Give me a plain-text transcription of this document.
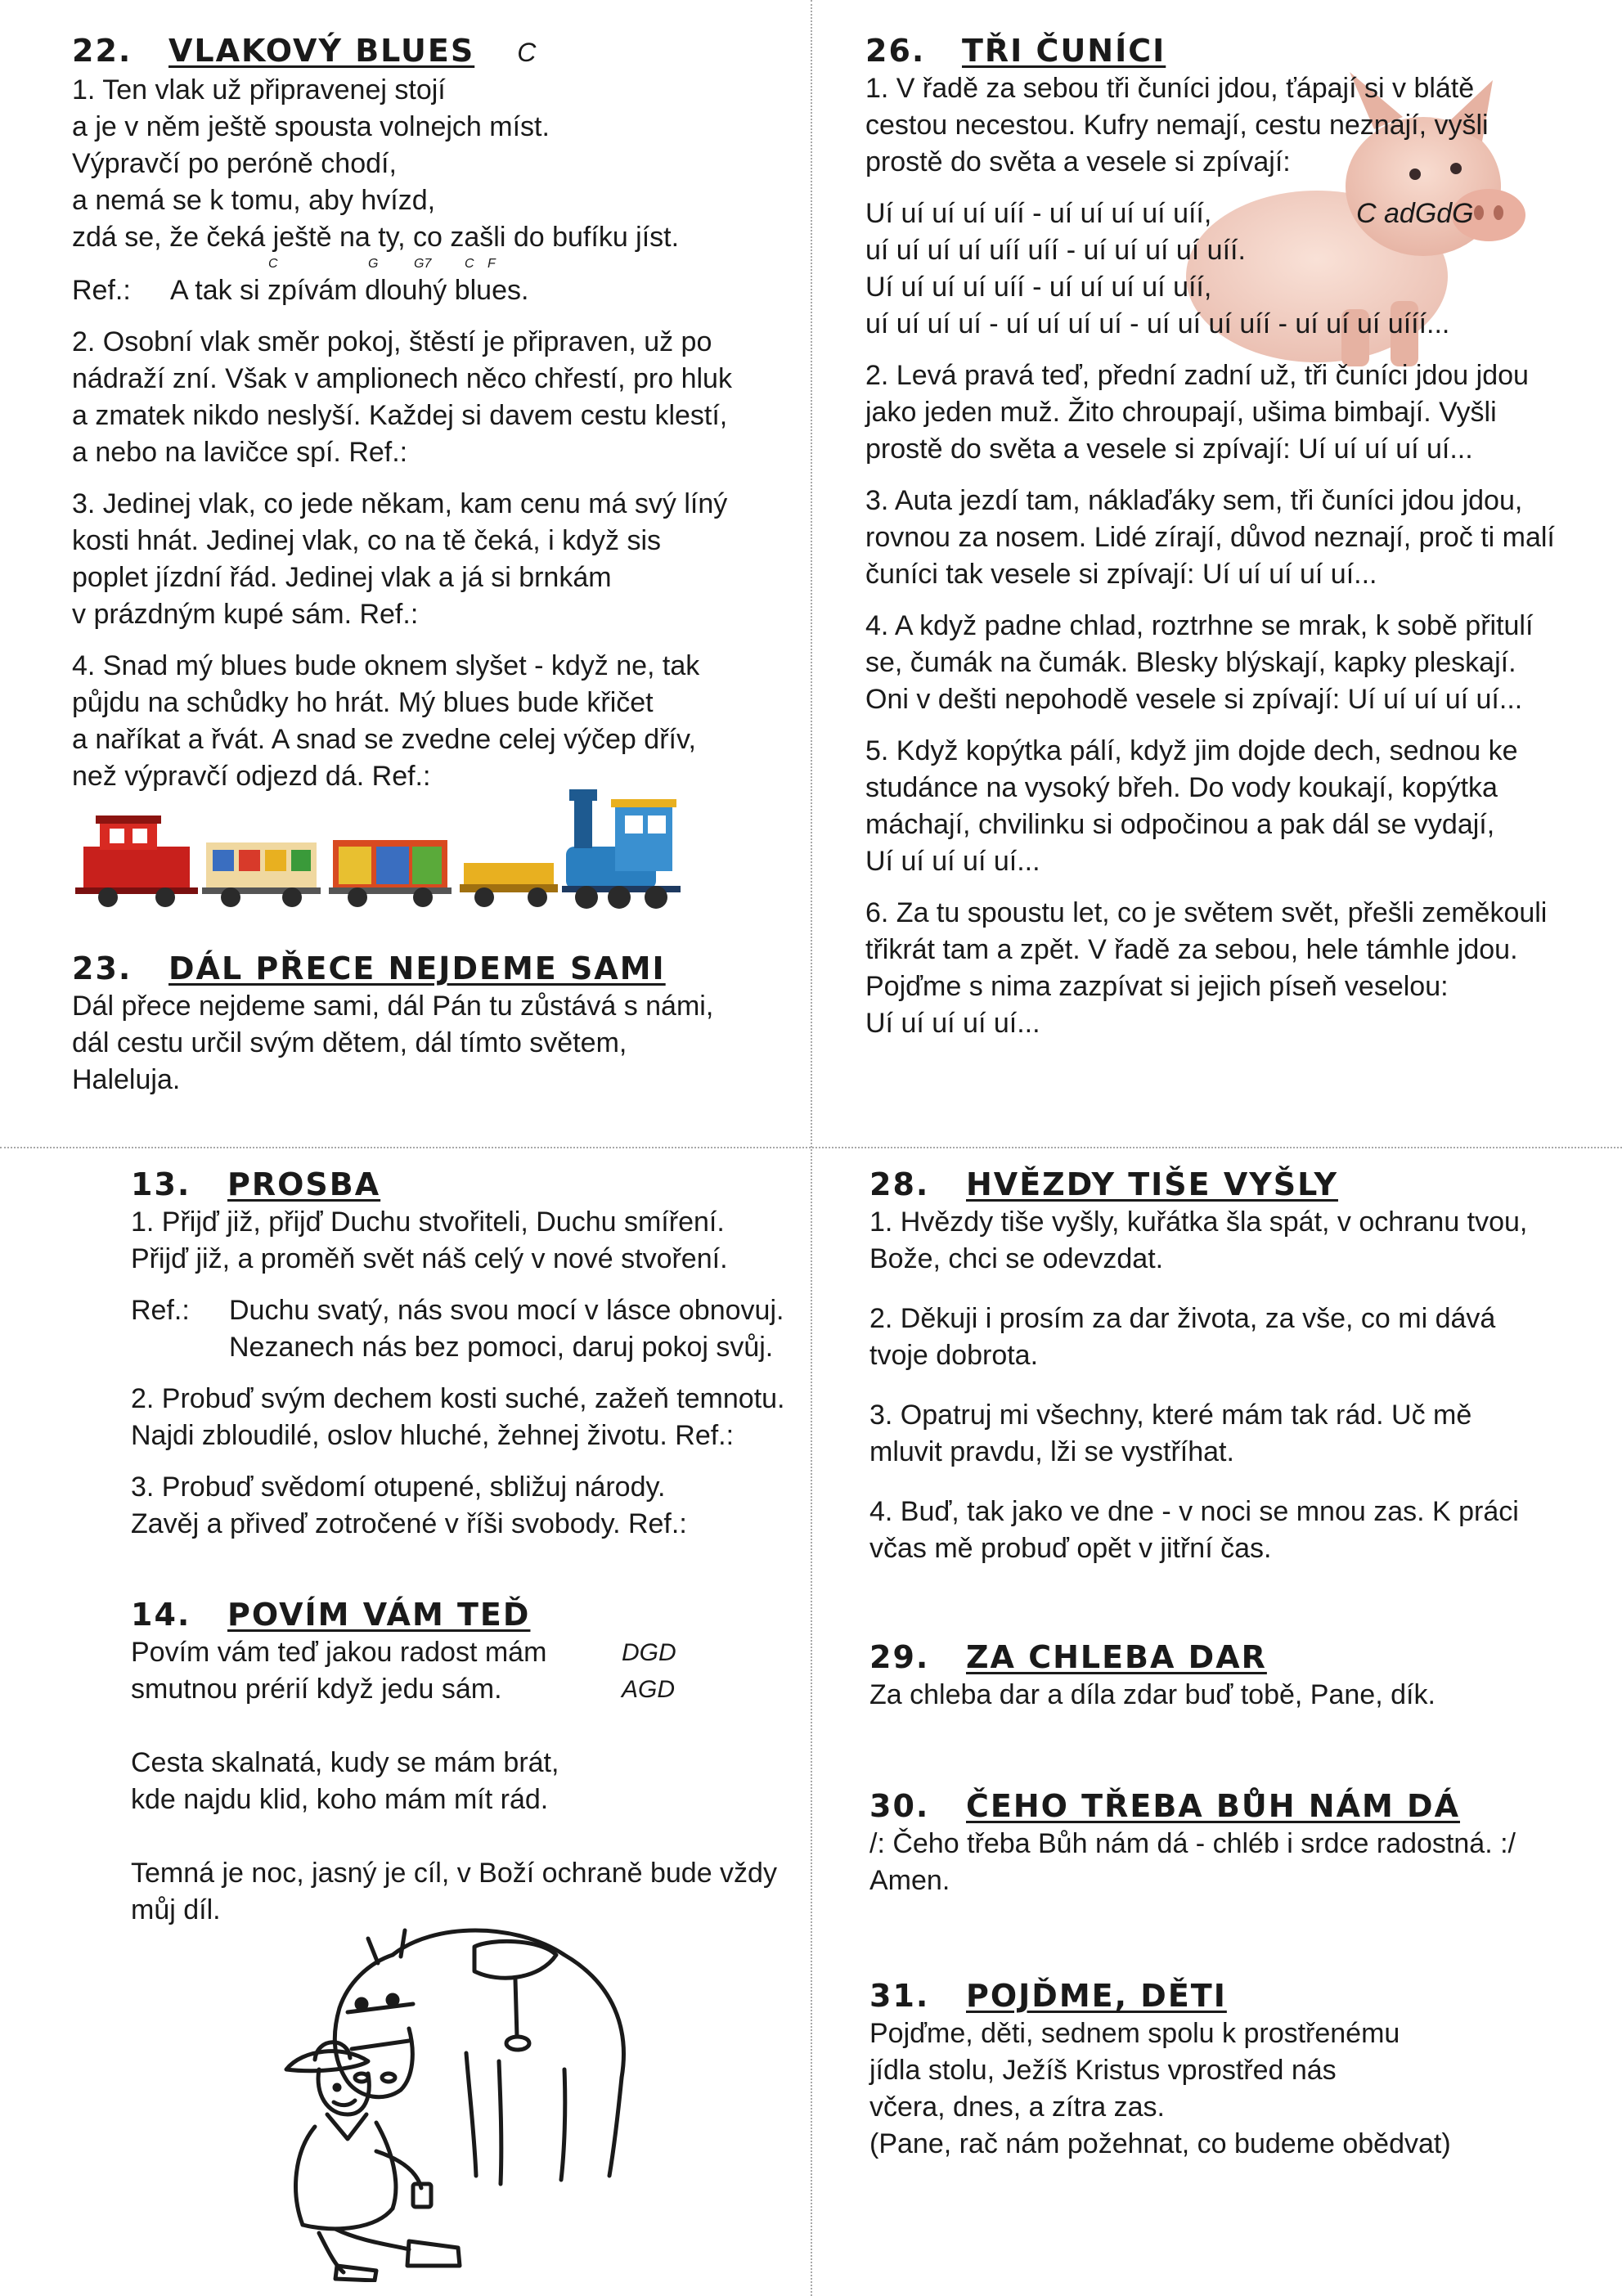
22. VLAKOVÝ BLUES C

1. Ten vlak už připravenej stojí
a je v něm ještě spousta volnejch míst.
Výpravčí po peróně chodí,
a nemá se k tomu, aby hvízd,
zdá se, že čeká ještě na ty, co zašli do bufíku jíst.

C	G	G7	C F

Ref.:	A tak si zpívám dlouhý blues.

2. Osobní vlak směr pokoj, štěstí je připraven, už po
nádraží zní. Však v amplionech něco chřestí, pro hluk
a zmatek nikdo neslyší. Každej si davem cestu klestí,
a nebo na lavičce spí. Ref.:

3. Jedinej vlak, co jede někam, kam cenu má svý líný
kosti hnát. Jedinej vlak, co na tě čeká, i když sis
poplet jízdní řád. Jedinej vlak a já si brnkám
v prázdným kupé sám. Ref.:

4. Snad mý blues bude oknem slyšet - když ne, tak
půjdu na schůdky ho hrát. Mý blues bude křičet
a naříkat a řvát. A snad se zvedne celej výčep dřív,
než výpravčí odjezd dá. Ref.:

23. DÁL PŘECE NEJDEME SAMI

Dál přece nejdeme sami, dál Pán tu zůstává s námi,
dál cestu určil svým dětem, dál tímto světem,
Haleluja.

26. TŘI ČUNÍCI

1. V řadě za sebou tři čuníci jdou, ťápají si v blátě
cestou necestou. Kufry nemají, cestu neznají, vyšli
prostě do světa a vesele si zpívají:

Uí uí uí uí uíí - uí uí uí uí uíí,
uí uí uí uí uíí uíí - uí uí uí uí uíí.
Uí uí uí uí uíí - uí uí uí uí uíí,
uí uí uí uí - uí uí uí uí - uí uí uí uíí - uí uí uí uííí...
C adGdG

2. Levá pravá teď, přední zadní už, tři čuníci jdou jdou
jako jeden muž. Žito chroupají, ušima bimbají. Vyšli
prostě do světa a vesele si zpívají: Uí uí uí uí uí...

3. Auta jezdí tam, náklaďáky sem, tři čuníci jdou jdou,
rovnou za nosem. Lidé zírají, důvod neznají, proč ti malí
čuníci tak vesele si zpívají: Uí uí uí uí uí...

4. A když padne chlad, roztrhne se mrak, k sobě přitulí
se, čumák na čumák. Blesky blýskají, kapky pleskají.
Oni v dešti nepohodě vesele si zpívají: Uí uí uí uí uí...

5. Když kopýtka pálí, když jim dojde dech, sednou ke
studánce na vysoký břeh. Do vody koukají, kopýtka
máchají, chvilinku si odpočinou a pak dál se vydají,
Uí uí uí uí uí...

6. Za tu spoustu let, co je světem svět, přešli zeměkouli
třikrát tam a zpět. V řadě za sebou, hele támhle jdou.
Pojďme s nima zazpívat si jejich píseň veselou:
Uí uí uí uí uí...

13. PROSBA

1. Přijď již, přijď Duchu stvořiteli, Duchu smíření.
Přijď již, a proměň svět náš celý v nové stvoření.

Ref.:	Duchu svatý, nás svou mocí v lásce obnovuj.
Nezanech nás bez pomoci, daruj pokoj svůj.

2. Probuď svým dechem kosti suché, zažeň temnotu.
Najdi zbloudilé, oslov hluché, žehnej životu. Ref.:

3. Probuď svědomí otupené, sbližuj národy.
Zavěj a přiveď zotročené v říši svobody. Ref.:

14. POVÍM VÁM TEĎ

Povím vám teď jakou radost mám	DGD
smutnou prérií když jedu sám.	AGD

Cesta skalnatá, kudy se mám brát,
kde najdu klid, koho mám mít rád.

Temná je noc, jasný je cíl, v Boží ochraně bude vždy
můj díl.

28. HVĚZDY TIŠE VYŠLY

1. Hvězdy tiše vyšly, kuřátka šla spát, v ochranu tvou,
Bože, chci se odevzdat.

2. Děkuji i prosím za dar života, za vše, co mi dává
tvoje dobrota.

3. Opatruj mi všechny, které mám tak rád. Uč mě
mluvit pravdu, lži se vystříhat.

4. Buď, tak jako ve dne - v noci se mnou zas. K práci
včas mě probuď opět v jitřní čas.

29. ZA CHLEBA DAR

Za chleba dar a díla zdar buď tobě, Pane, dík.

30. ČEHO TŘEBA BŮH NÁM DÁ

/: Čeho třeba Bůh nám dá - chléb i srdce radostná. :/
Amen.

31. POJĎME, DĚTI

Pojďme, děti, sednem spolu k prostřenému
jídla stolu, Ježíš Kristus vprostřed nás
včera, dnes, a zítra zas.
(Pane, rač nám požehnat, co budeme obědvat)
